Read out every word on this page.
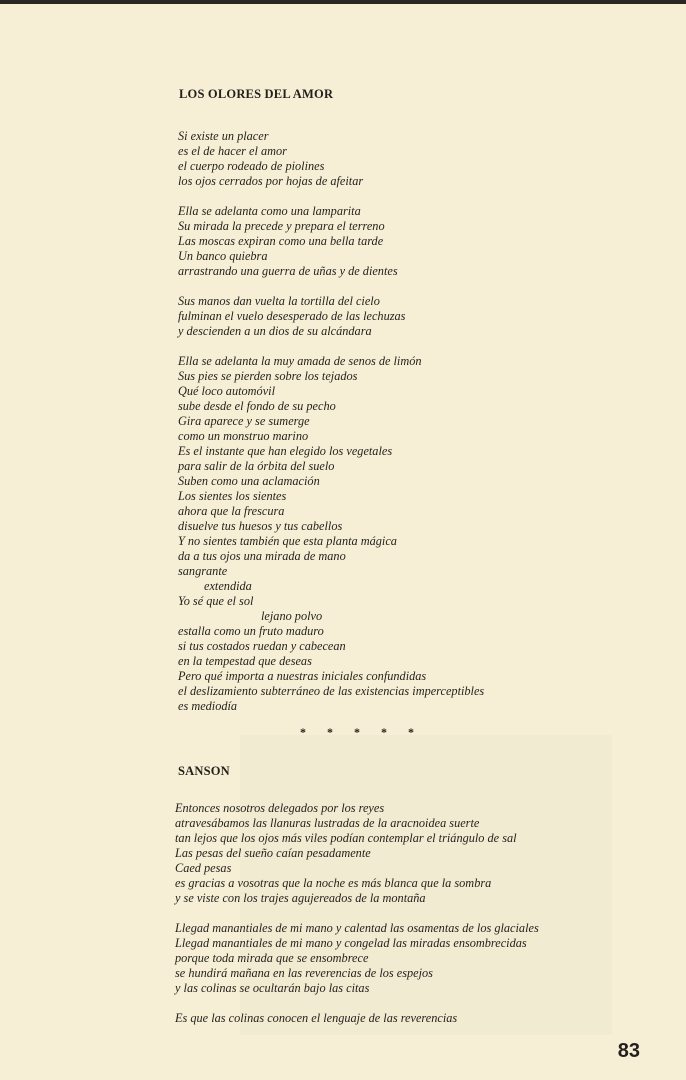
LOS OLORES DEL AMOR
Si existe un placer
es el de hacer el amor
el cuerpo rodeado de piolines
los ojos cerrados por hojas de afeitar
Ella se adelanta como una lamparita
Su mirada la precede y prepara el terreno
Las moscas expiran como una bella tarde
Un banco quiebra
arrastrando una guerra de uñas y de dientes
Sus manos dan vuelta la tortilla del cielo
fulminan el vuelo desesperado de las lechuzas
y descienden a un dios de su alcándara
Ella se adelanta la muy amada de senos de limón
Sus pies se pierden sobre los tejados
Qué loco automóvil
sube desde el fondo de su pecho
Gira aparece y se sumerge
como un monstruo marino
Es el instante que han elegido los vegetales
para salir de la órbita del suelo
Suben como una aclamación
Los sientes los sientes
ahora que la frescura
disuelve tus huesos y tus cabellos
Y no sientes también que esta planta mágica
da a tus ojos una mirada de mano
sangrante
extendida
Yo sé que el sol
lejano polvo
estalla como un fruto maduro
si tus costados ruedan y cabecean
en la tempestad que deseas
Pero qué importa a nuestras iniciales confundidas
el deslizamiento subterráneo de las existencias imperceptibles
es mediodía
* * * * *
SANSON
Entonces nosotros delegados por los reyes
atravesábamos las llanuras lustradas de la aracnoidea suerte
tan lejos que los ojos más viles podían contemplar el triángulo de sal
Las pesas del sueño caían pesadamente
Caed pesas
es gracias a vosotras que la noche es más blanca que la sombra
y se viste con los trajes agujereados de la montaña
Llegad manantiales de mi mano y calentad las osamentas de los glaciales
Llegad manantiales de mi mano y congelad las miradas ensombrecidas
porque toda mirada que se ensombrece
se hundirá mañana en las reverencias de los espejos
y las colinas se ocultarán bajo las citas
Es que las colinas conocen el lenguaje de las reverencias
83
